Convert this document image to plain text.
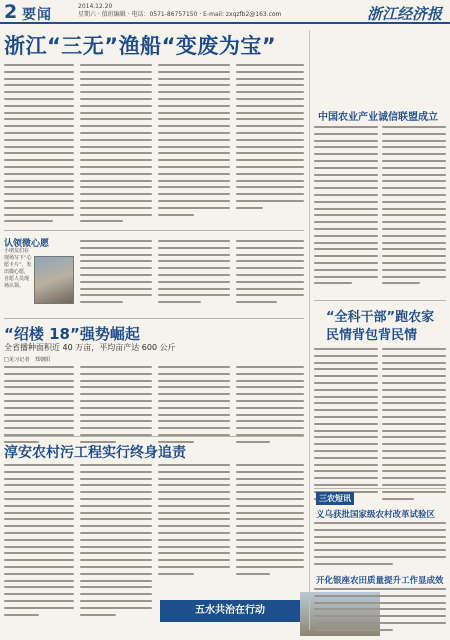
2 要闻
2014.12.20
星期六 · 值班编辑 · 电话：0571-86757150 · E-mail: zxqzfb2@163.com	浙江经济报
浙江“三无”渔船“变废为宝”
认领微心愿
小朋友们在现场写下“心愿卡片”，发出微心愿，自愿人员现场认领。
“绍楼 18”强势崛起
全省播种面积近 40 万亩，平均亩产达 600 公斤
□见习记者　郑朝阳
淳安农村污工程实行终身追责
五水共治在行动
中国农业产业诚信联盟成立
“全科干部”跑农家
民情背包背民情
三农短讯
义乌获批国家级农村改革试验区
开化银座农田质量提升工作显成效
